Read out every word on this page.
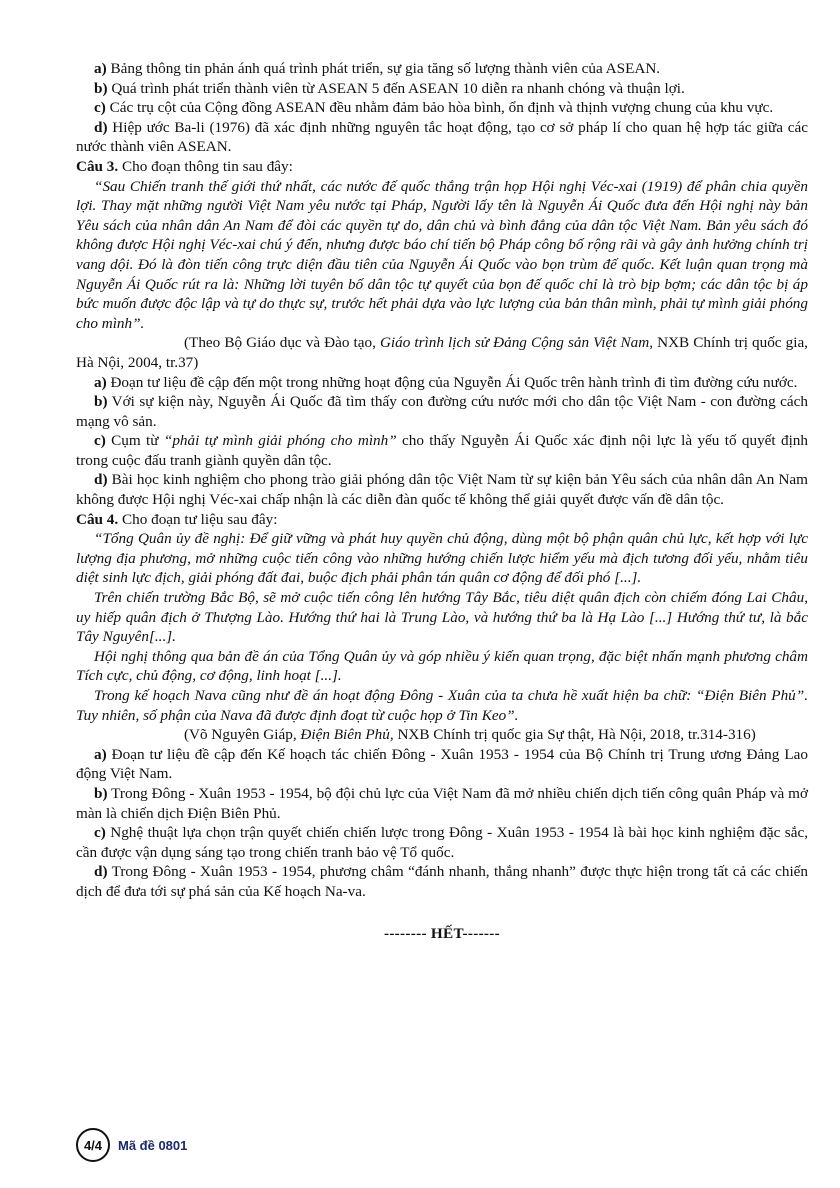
a) Bảng thông tin phản ánh quá trình phát triển, sự gia tăng số lượng thành viên của ASEAN.

b) Quá trình phát triển thành viên từ ASEAN 5 đến ASEAN 10 diễn ra nhanh chóng và thuận lợi.

c) Các trụ cột của Cộng đồng ASEAN đều nhằm đảm bảo hòa bình, ổn định và thịnh vượng chung của khu vực.

d) Hiệp ước Ba-li (1976) đã xác định những nguyên tắc hoạt động, tạo cơ sở pháp lí cho quan hệ hợp tác giữa các nước thành viên ASEAN.

Câu 3. Cho đoạn thông tin sau đây:

“Sau Chiến tranh thế giới thứ nhất, các nước đế quốc thắng trận họp Hội nghị Véc-xai (1919) để phân chia quyền lợi. Thay mặt những người Việt Nam yêu nước tại Pháp, Người lấy tên là Nguyễn Ái Quốc đưa đến Hội nghị này bản Yêu sách của nhân dân An Nam để đòi các quyền tự do, dân chủ và bình đẳng của dân tộc Việt Nam. Bản yêu sách đó không được Hội nghị Véc-xai chú ý đến, nhưng được báo chí tiến bộ Pháp công bố rộng rãi và gây ảnh hưởng chính trị vang dội. Đó là đòn tiến công trực diện đầu tiên của Nguyễn Ái Quốc vào bọn trùm đế quốc. Kết luận quan trọng mà Nguyễn Ái Quốc rút ra là: Những lời tuyên bố dân tộc tự quyết của bọn đế quốc chỉ là trò bịp bợm; các dân tộc bị áp bức muốn được độc lập và tự do thực sự, trước hết phải dựa vào lực lượng của bản thân mình, phải tự mình giải phóng cho mình”.

(Theo Bộ Giáo dục và Đào tạo, Giáo trình lịch sử Đảng Cộng sản Việt Nam, NXB Chính trị quốc gia, Hà Nội, 2004, tr.37)

a) Đoạn tư liệu đề cập đến một trong những hoạt động của Nguyễn Ái Quốc trên hành trình đi tìm đường cứu nước.

b) Với sự kiện này, Nguyễn Ái Quốc đã tìm thấy con đường cứu nước mới cho dân tộc Việt Nam - con đường cách mạng vô sản.

c) Cụm từ “phải tự mình giải phóng cho mình” cho thấy Nguyễn Ái Quốc xác định nội lực là yếu tố quyết định trong cuộc đấu tranh giành quyền dân tộc.

d) Bài học kinh nghiệm cho phong trào giải phóng dân tộc Việt Nam từ sự kiện bản Yêu sách của nhân dân An Nam không được Hội nghị Véc-xai chấp nhận là các diễn đàn quốc tế không thể giải quyết được vấn đề dân tộc.

Câu 4. Cho đoạn tư liệu sau đây:

“Tổng Quân ủy đề nghị: Để giữ vững và phát huy quyền chủ động, dùng một bộ phận quân chủ lực, kết hợp với lực lượng địa phương, mở những cuộc tiến công vào những hướng chiến lược hiểm yếu mà địch tương đối yếu, nhằm tiêu diệt sinh lực địch, giải phóng đất đai, buộc địch phải phân tán quân cơ động để đối phó [...].

Trên chiến trường Bắc Bộ, sẽ mở cuộc tiến công lên hướng Tây Bắc, tiêu diệt quân địch còn chiếm đóng Lai Châu, uy hiếp quân địch ở Thượng Lào. Hướng thứ hai là Trung Lào, và hướng thứ ba là Hạ Lào [...] Hướng thứ tư, là bắc Tây Nguyên[...].

Hội nghị thông qua bản đề án của Tổng Quân ủy và góp nhiều ý kiến quan trọng, đặc biệt nhấn mạnh phương châm Tích cực, chủ động, cơ động, linh hoạt [...].

Trong kế hoạch Nava cũng như đề án hoạt động Đông - Xuân của ta chưa hề xuất hiện ba chữ: “Điện Biên Phủ”. Tuy nhiên, số phận của Nava đã được định đoạt từ cuộc họp ở Tin Keo”.

(Võ Nguyên Giáp, Điện Biên Phủ, NXB Chính trị quốc gia Sự thật, Hà Nội, 2018, tr.314-316)

a) Đoạn tư liệu đề cập đến Kế hoạch tác chiến Đông - Xuân 1953 - 1954 của Bộ Chính trị Trung ương Đảng Lao động Việt Nam.

b) Trong Đông - Xuân 1953 - 1954, bộ đội chủ lực của Việt Nam đã mở nhiều chiến dịch tiến công quân Pháp và mở màn là chiến dịch Điện Biên Phủ.

c) Nghệ thuật lựa chọn trận quyết chiến chiến lược trong Đông - Xuân 1953 - 1954 là bài học kinh nghiệm đặc sắc, cần được vận dụng sáng tạo trong chiến tranh bảo vệ Tổ quốc.

d) Trong Đông - Xuân 1953 - 1954, phương châm “đánh nhanh, thắng nhanh” được thực hiện trong tất cả các chiến dịch để đưa tới sự phá sản của Kế hoạch Na-va.

-------- HẾT-------

4/4	Mã đề 0801
